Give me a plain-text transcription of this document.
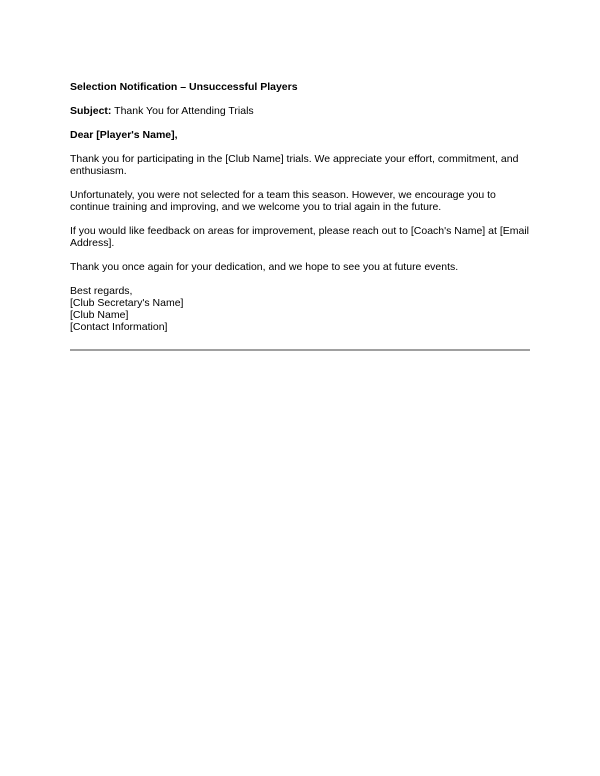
Selection Notification – Unsuccessful Players
Subject: Thank You for Attending Trials
Dear [Player's Name],
Thank you for participating in the [Club Name] trials. We appreciate your effort, commitment, and enthusiasm.
Unfortunately, you were not selected for a team this season. However, we encourage you to continue training and improving, and we welcome you to trial again in the future.
If you would like feedback on areas for improvement, please reach out to [Coach's Name] at [Email Address].
Thank you once again for your dedication, and we hope to see you at future events.
Best regards,
[Club Secretary's Name]
[Club Name]
[Contact Information]
